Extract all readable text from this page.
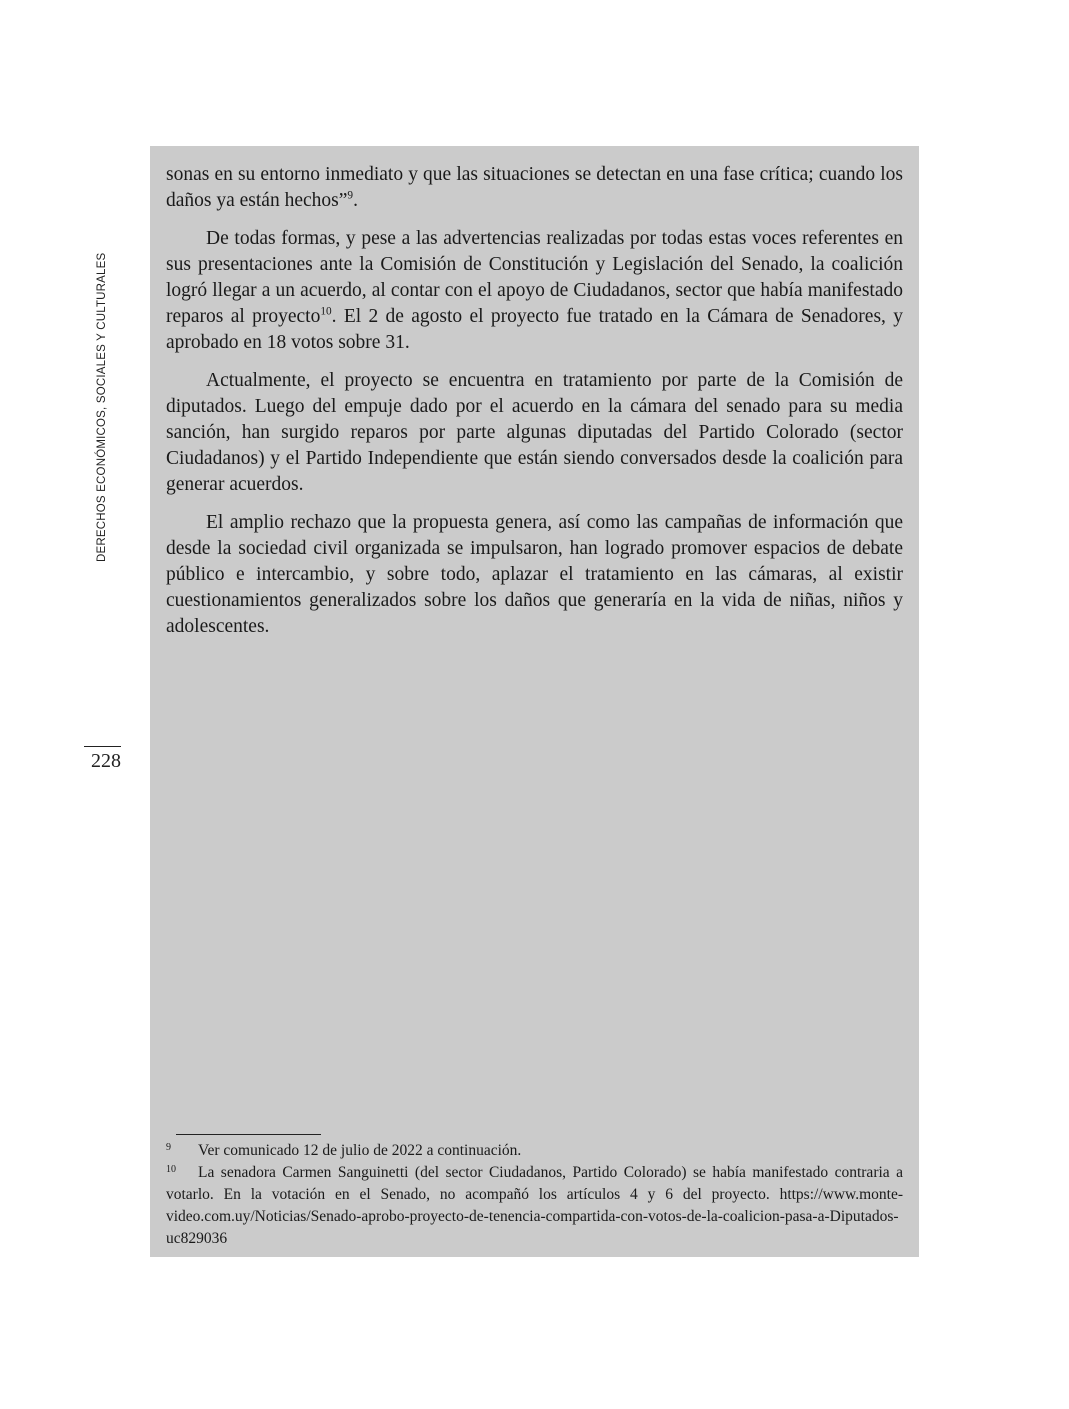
DERECHOS ECONÓMICOS, SOCIALES Y CULTURALES
228

sonas en su entorno inmediato y que las situaciones se detectan en una fase crítica; cuando los daños ya están hechos”$^9$.

De todas formas, y pese a las advertencias realizadas por todas estas voces referentes en sus presentaciones ante la Comisión de Constitución y Legislación del Senado, la coalición logró llegar a un acuerdo, al contar con el apoyo de Ciudadanos, sector que había manifestado reparos al proyecto$^{10}$. El 2 de agosto el proyecto fue tratado en la Cámara de Senadores, y aprobado en 18 votos sobre 31.

Actualmente, el proyecto se encuentra en tratamiento por parte de la Comisión de diputados. Luego del empuje dado por el acuerdo en la cámara del senado para su media sanción, han surgido reparos por parte algunas diputadas del Partido Colorado (sector Ciudadanos) y el Partido Independiente que están siendo conversados desde la coalición para generar acuerdos.

El amplio rechazo que la propuesta genera, así como las campañas de información que desde la sociedad civil organizada se impulsaron, han logrado promover espacios de debate público e intercambio, y sobre todo, aplazar el tratamiento en las cámaras, al existir cuestionamientos generalizados sobre los daños que generaría en la vida de niñas, niños y adolescentes.

9 Ver comunicado 12 de julio de 2022 a continuación.

10 La senadora Carmen Sanguinetti (del sector Ciudadanos, Partido Colorado) se había manifestado contraria a votarlo. En la votación en el Senado, no acompañó los artículos 4 y 6 del proyecto. https://www.montevideo.com.uy/Noticias/Senado-aprobo-proyecto-de-tenencia-compartida-con-votos-de-la-coalicion-pasa-a-Diputados-uc829036
